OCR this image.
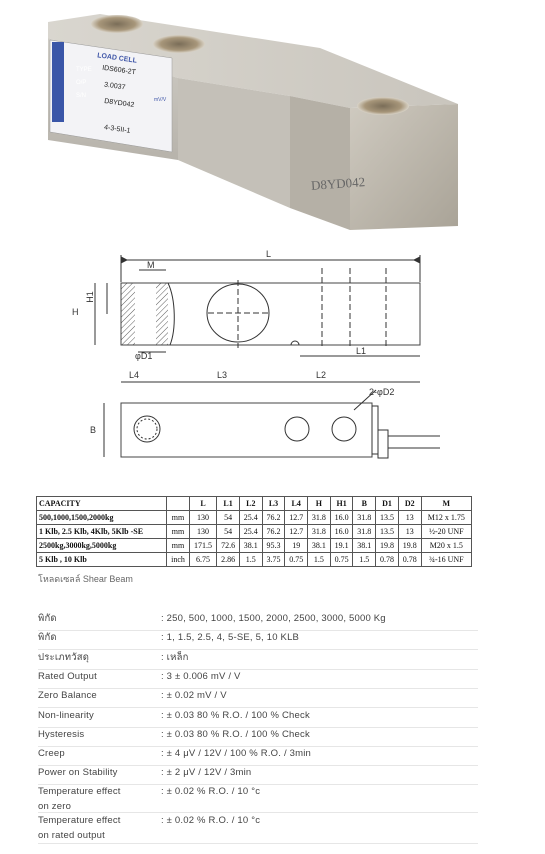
LOAD CELL
TYPE IDS606-2T
O/P 3.0037
S/N
D8YD042	mV/V
4-3-5II-1
D8YD042
L
M
H
H1
φD1	L1
L4	L3	L2
2-φD2
B
CAPACITY		L	L1	L2	L3	L4	H	H1	B	D1	D2	M
500,1000,1500,2000kg	mm	130	54	25.4	76.2	12.7	31.8	16.0	31.8	13.5	13	M12 x 1.75
1 Klb, 2.5 Klb, 4Klb, 5Klb -SE	mm	130	54	25.4	76.2	12.7	31.8	16.0	31.8	13.5	13	½-20 UNF
2500kg,3000kg,5000kg	mm	171.5	72.6	38.1	95.3	19	38.1	19.1	38.1	19.8	19.8	M20 x 1.5
5 Klb , 10 Klb	inch	6.75	2.86	1.5	3.75	0.75	1.5	0.75	1.5	0.78	0.78	¾-16 UNF
โหลดเซลล์ Shear Beam
พิกัด	: 250, 500, 1000, 1500, 2000, 2500, 3000, 5000 Kg
พิกัด	: 1, 1.5, 2.5, 4, 5-SE, 5, 10 KLB
ประเภทวัสดุ	: เหล็ก
Rated Output	: 3 ± 0.006 mV / V
Zero Balance	: ± 0.02 mV / V
Non-linearity	: ± 0.03 80 % R.O. / 100 % Check
Hysteresis	: ± 0.03 80 % R.O. / 100 % Check
Creep	: ± 4 μV / 12V / 100 % R.O. / 3min
Power on Stability	: ± 2 μV / 12V / 3min
Temperature effect
on zero
: ± 0.02 % R.O. / 10 °c
Temperature effect
on rated output
: ± 0.02 % R.O. / 10 °c
